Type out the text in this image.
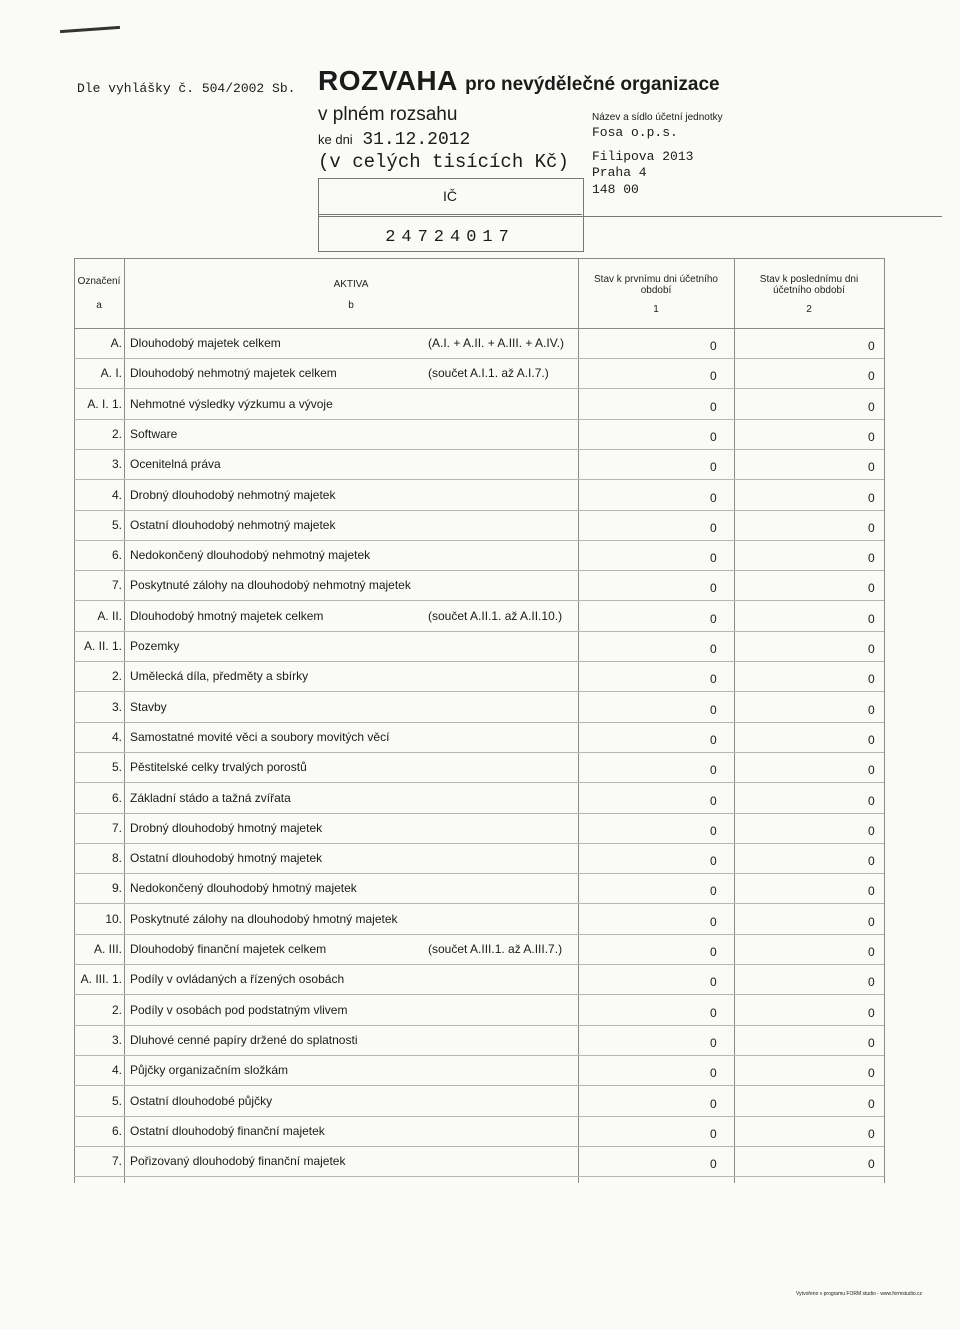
Dle vyhlášky č. 504/2002 Sb. ROZVAHA pro nevýdělečné organizace
v plném rozsahu
ke dni 31.12.2012
(v celých tisících Kč)
Název a sídlo účetní jednotky
Fosa o.p.s.
Filipova 2013
Praha 4
148 00
IČ
24724017
Označení
a
AKTIVA
b
Stav k prvnímu dni účetního období
1
Stav k poslednímu dni účetního období
2
A. Dlouhodobý majetek celkem	(A.I. + A.II. + A.III. + A.IV.)	0	0
A. I. Dlouhodobý nehmotný majetek celkem	(součet A.I.1. až A.I.7.)	0	0
A. I. 1. Nehmotné výsledky výzkumu a vývoje	0	0
2. Software	0	0
3. Ocenitelná práva	0	0
4. Drobný dlouhodobý nehmotný majetek	0	0
5. Ostatní dlouhodobý nehmotný majetek	0	0
6. Nedokončený dlouhodobý nehmotný majetek	0	0
7. Poskytnuté zálohy na dlouhodobý nehmotný majetek	0	0
A. II. Dlouhodobý hmotný majetek celkem	(součet A.II.1. až A.II.10.)	0	0
A. II. 1. Pozemky	0	0
2. Umělecká díla, předměty a sbírky	0	0
3. Stavby	0	0
4. Samostatné movité věci a soubory movitých věcí	0	0
5. Pěstitelské celky trvalých porostů	0	0
6. Základní stádo a tažná zvířata	0	0
7. Drobný dlouhodobý hmotný majetek	0	0
8. Ostatní dlouhodobý hmotný majetek	0	0
9. Nedokončený dlouhodobý hmotný majetek	0	0
10. Poskytnuté zálohy na dlouhodobý hmotný majetek	0	0
A. III. Dlouhodobý finanční majetek celkem	(součet A.III.1. až A.III.7.)	0	0
A. III. 1. Podíly v ovládaných a řízených osobách	0	0
2. Podíly v osobách pod podstatným vlivem	0	0
3. Dluhové cenné papíry držené do splatnosti	0	0
4. Půjčky organizačním složkám	0	0
5. Ostatní dlouhodobé půjčky	0	0
6. Ostatní dlouhodobý finanční majetek	0	0
7. Pořizovaný dlouhodobý finanční majetek	0	0
Vytvořeno v programu FORM studio - www.formstudio.cz
